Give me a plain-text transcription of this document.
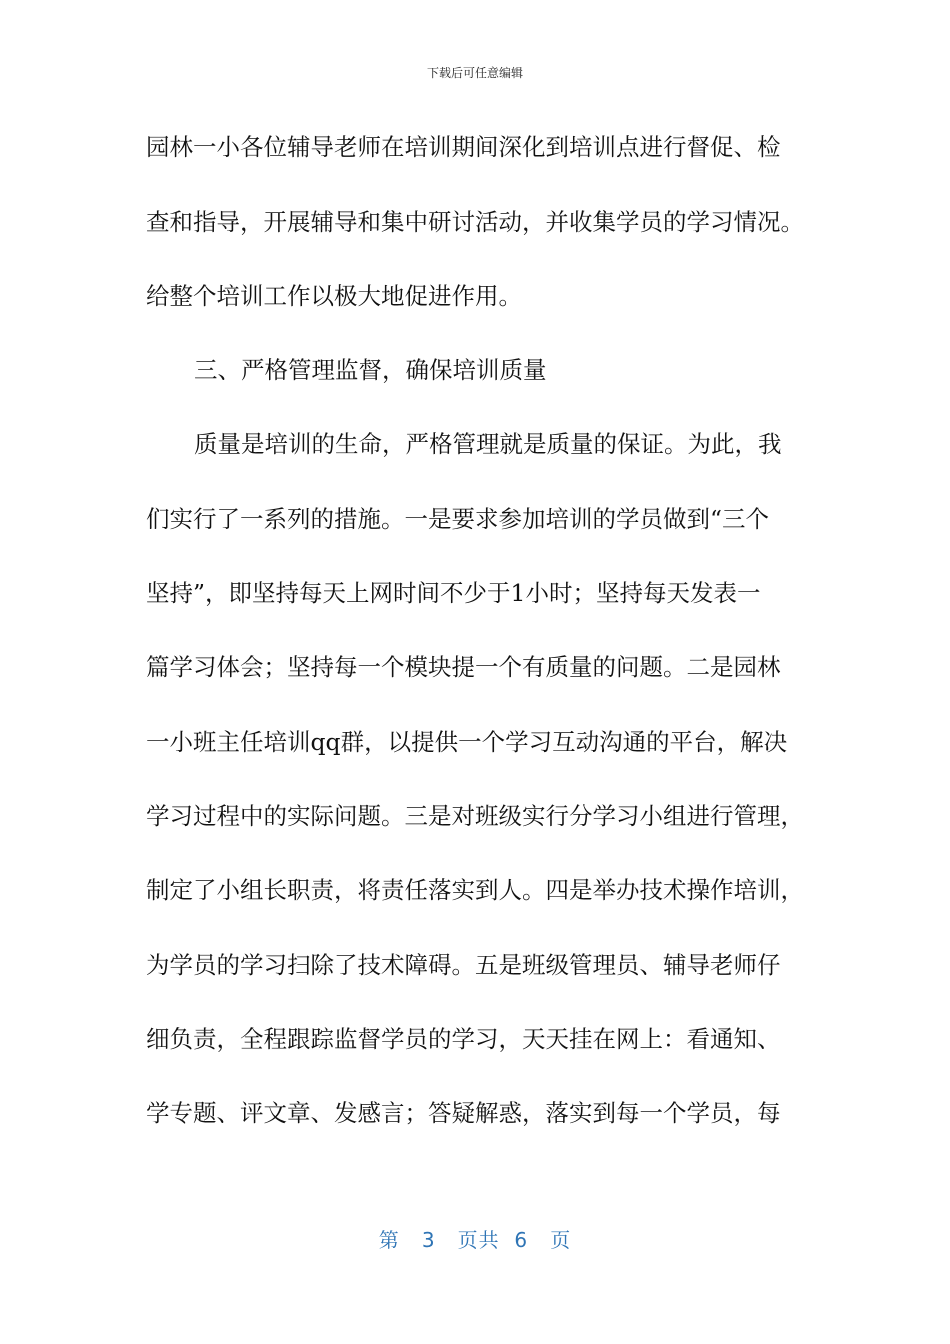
下载后可任意编辑
园林一小各位辅导老师在培训期间深化到培训点进行督促、检
查和指导，开展辅导和集中研讨活动，并收集学员的学习情况。
给整个培训工作以极大地促进作用。
三、严格管理监督，确保培训质量
质量是培训的生命，严格管理就是质量的保证。为此，我
们实行了一系列的措施。一是要求参加培训的学员做到“三个
坚持”，即坚持每天上网时间不少于1小时；坚持每天发表一
篇学习体会；坚持每一个模块提一个有质量的问题。二是园林
一小班主任培训qq群，以提供一个学习互动沟通的平台，解决
学习过程中的实际问题。三是对班级实行分学习小组进行管理，
制定了小组长职责，将责任落实到人。四是举办技术操作培训，
为学员的学习扫除了技术障碍。五是班级管理员、辅导老师仔
细负责，全程跟踪监督学员的学习，天天挂在网上：看通知、
学专题、评文章、发感言；答疑解惑，落实到每一个学员，每
第 3 页共 6 页
